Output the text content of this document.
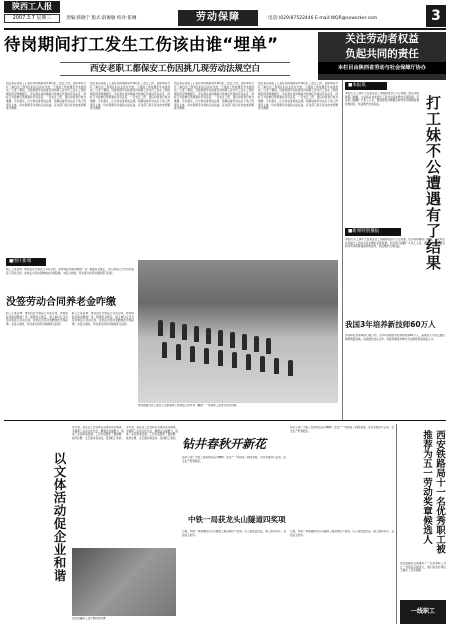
陕西工人报
2007.3.7 星期三	责编:韩晓宁 版式:薛俊敏 校对:崔琳	劳动保障	电话:(029)87522446 E-mail:WQR@sxworker.com	3
待岗期间打工发生工伤该由谁“埋单”
西安老职工都保安工伤因挑几现劳动法规空白
关注劳动者权益
负起共同的责任
本栏目由陕西省劳动与社会保障厅协办
西安某企业职工王某在待岗期间到外单位打工发生工伤，因原单位与打工单位对工伤责任的认定存在分歧，王某的工伤待遇至今未能落实。记者了解到，目前我国劳动法规对待岗职工在外打工发生工伤的情况尚无明确规定。劳动者在待岗期间与原单位仍保持劳动关系，同时又与新单位形成事实劳动关系，一旦发生工伤，责任如何划分成为难题。专家建议，应尽快完善相关法规，明确双重劳动关系下的工伤责任主体，切实保障劳动者的合法权益。有关部门表示将对此类问题进行调研。
西安某企业职工王某在待岗期间到外单位打工发生工伤，因原单位与打工单位对工伤责任的认定存在分歧，王某的工伤待遇至今未能落实。记者了解到，目前我国劳动法规对待岗职工在外打工发生工伤的情况尚无明确规定。劳动者在待岗期间与原单位仍保持劳动关系，同时又与新单位形成事实劳动关系，一旦发生工伤，责任如何划分成为难题。专家建议，应尽快完善相关法规，明确双重劳动关系下的工伤责任主体，切实保障劳动者的合法权益。有关部门表示将对此类问题进行调研。
西安某企业职工王某在待岗期间到外单位打工发生工伤，因原单位与打工单位对工伤责任的认定存在分歧，王某的工伤待遇至今未能落实。记者了解到，目前我国劳动法规对待岗职工在外打工发生工伤的情况尚无明确规定。劳动者在待岗期间与原单位仍保持劳动关系，同时又与新单位形成事实劳动关系，一旦发生工伤，责任如何划分成为难题。专家建议，应尽快完善相关法规，明确双重劳动关系下的工伤责任主体，切实保障劳动者的合法权益。有关部门表示将对此类问题进行调研。
西安某企业职工王某在待岗期间到外单位打工发生工伤，因原单位与打工单位对工伤责任的认定存在分歧，王某的工伤待遇至今未能落实。记者了解到，目前我国劳动法规对待岗职工在外打工发生工伤的情况尚无明确规定。劳动者在待岗期间与原单位仍保持劳动关系，同时又与新单位形成事实劳动关系，一旦发生工伤，责任如何划分成为难题。专家建议，应尽快完善相关法规，明确双重劳动关系下的工伤责任主体，切实保障劳动者的合法权益。有关部门表示将对此类问题进行调研。
■本报讯
本报讯 打工妹小王在某企业工作期间受到不公正待遇，经劳动保障部门调解，企业同意补发拖欠工资并为其补缴社会保险费。劳动部门提醒广大务工人员，遇到侵权问题要及时向劳动保障监察机构投诉，依法维护自身权益。	打工妹不公遭遇有了结果
■新闻特别播报
本报讯 打工妹小王在某企业工作期间受到不公正待遇，经劳动保障部门调解，企业同意补发拖欠工资并为其补缴社会保险费。劳动部门提醒广大务工人员，遇到侵权问题要及时向劳动保障监察机构投诉，依法维护自身权益。
我国3年培养新技师60万人
劳动和社会保障部日前公布，近3年来我国共培养新技师60万人，高技能人才队伍建设取得明显成效。各地通过校企合作、技能竞赛等多种方式加快培养高技能人才。
■图片新闻
职工王某咨询：单位没有与我签订劳动合同，养老保险该如何缴纳？答：根据有关规定，用人单位应当与劳动者签订劳动合同，并依法为劳动者缴纳社会保险费。未签合同的，劳动者可向劳动保障部门投诉。
没签劳动合同养老金咋缴
职工王某咨询：单位没有与我签订劳动合同，养老保险该如何缴纳？答：根据有关规定，用人单位应当与劳动者签订劳动合同，并依法为劳动者缴纳社会保险费。未签合同的，劳动者可向劳动保障部门投诉。
职工王某咨询：单位没有与我签订劳动合同，养老保险该如何缴纳？答：根据有关规定，用人单位应当与劳动者签订劳动合同，并依法为劳动者缴纳社会保险费。未签合同的，劳动者可向劳动保障部门投诉。
陕西铁路文化工程员工在参加职工培训班上的军训（摄影）一些新职工在进行队列训练
以文体活动促企业和谐
近年来，某企业工会坚持以文体活动为载体，丰富职工业余文化生活，增强企业凝聚力，促进了企业和谐发展。工会先后组织了篮球赛、拔河比赛、文艺演出等活动，受到职工欢迎。
近年来，某企业工会坚持以文体活动为载体，丰富职工业余文化生活，增强企业凝聚力，促进了企业和谐发展。工会先后组织了篮球赛、拔河比赛、文艺演出等活动，受到职工欢迎。
西安铁路职工在开展技能竞赛
钻井春秋开新花
钻井公司广大职工发扬艰苦奋斗精神，在生产一线创造了新的业绩，全年完成进尺任务，安全生产形势稳定。
钻井公司广大职工发扬艰苦奋斗精神，在生产一线创造了新的业绩，全年完成进尺任务，安全生产形势稳定。
中铁一局获龙头山隧道四奖项
日前，中铁一局承建的龙头山隧道工程获得四个奖项，该工程质量优良，施工组织有序，受到业主好评。
日前，中铁一局承建的龙头山隧道工程获得四个奖项，该工程质量优良，施工组织有序，受到业主好评。	西安铁路局十一名优秀职工被推荐为五一劳动奖章候选人
西安铁路局日前推荐十一名优秀职工为五一劳动奖章候选人，他们在各自岗位上做出了突出贡献。
一线职工
